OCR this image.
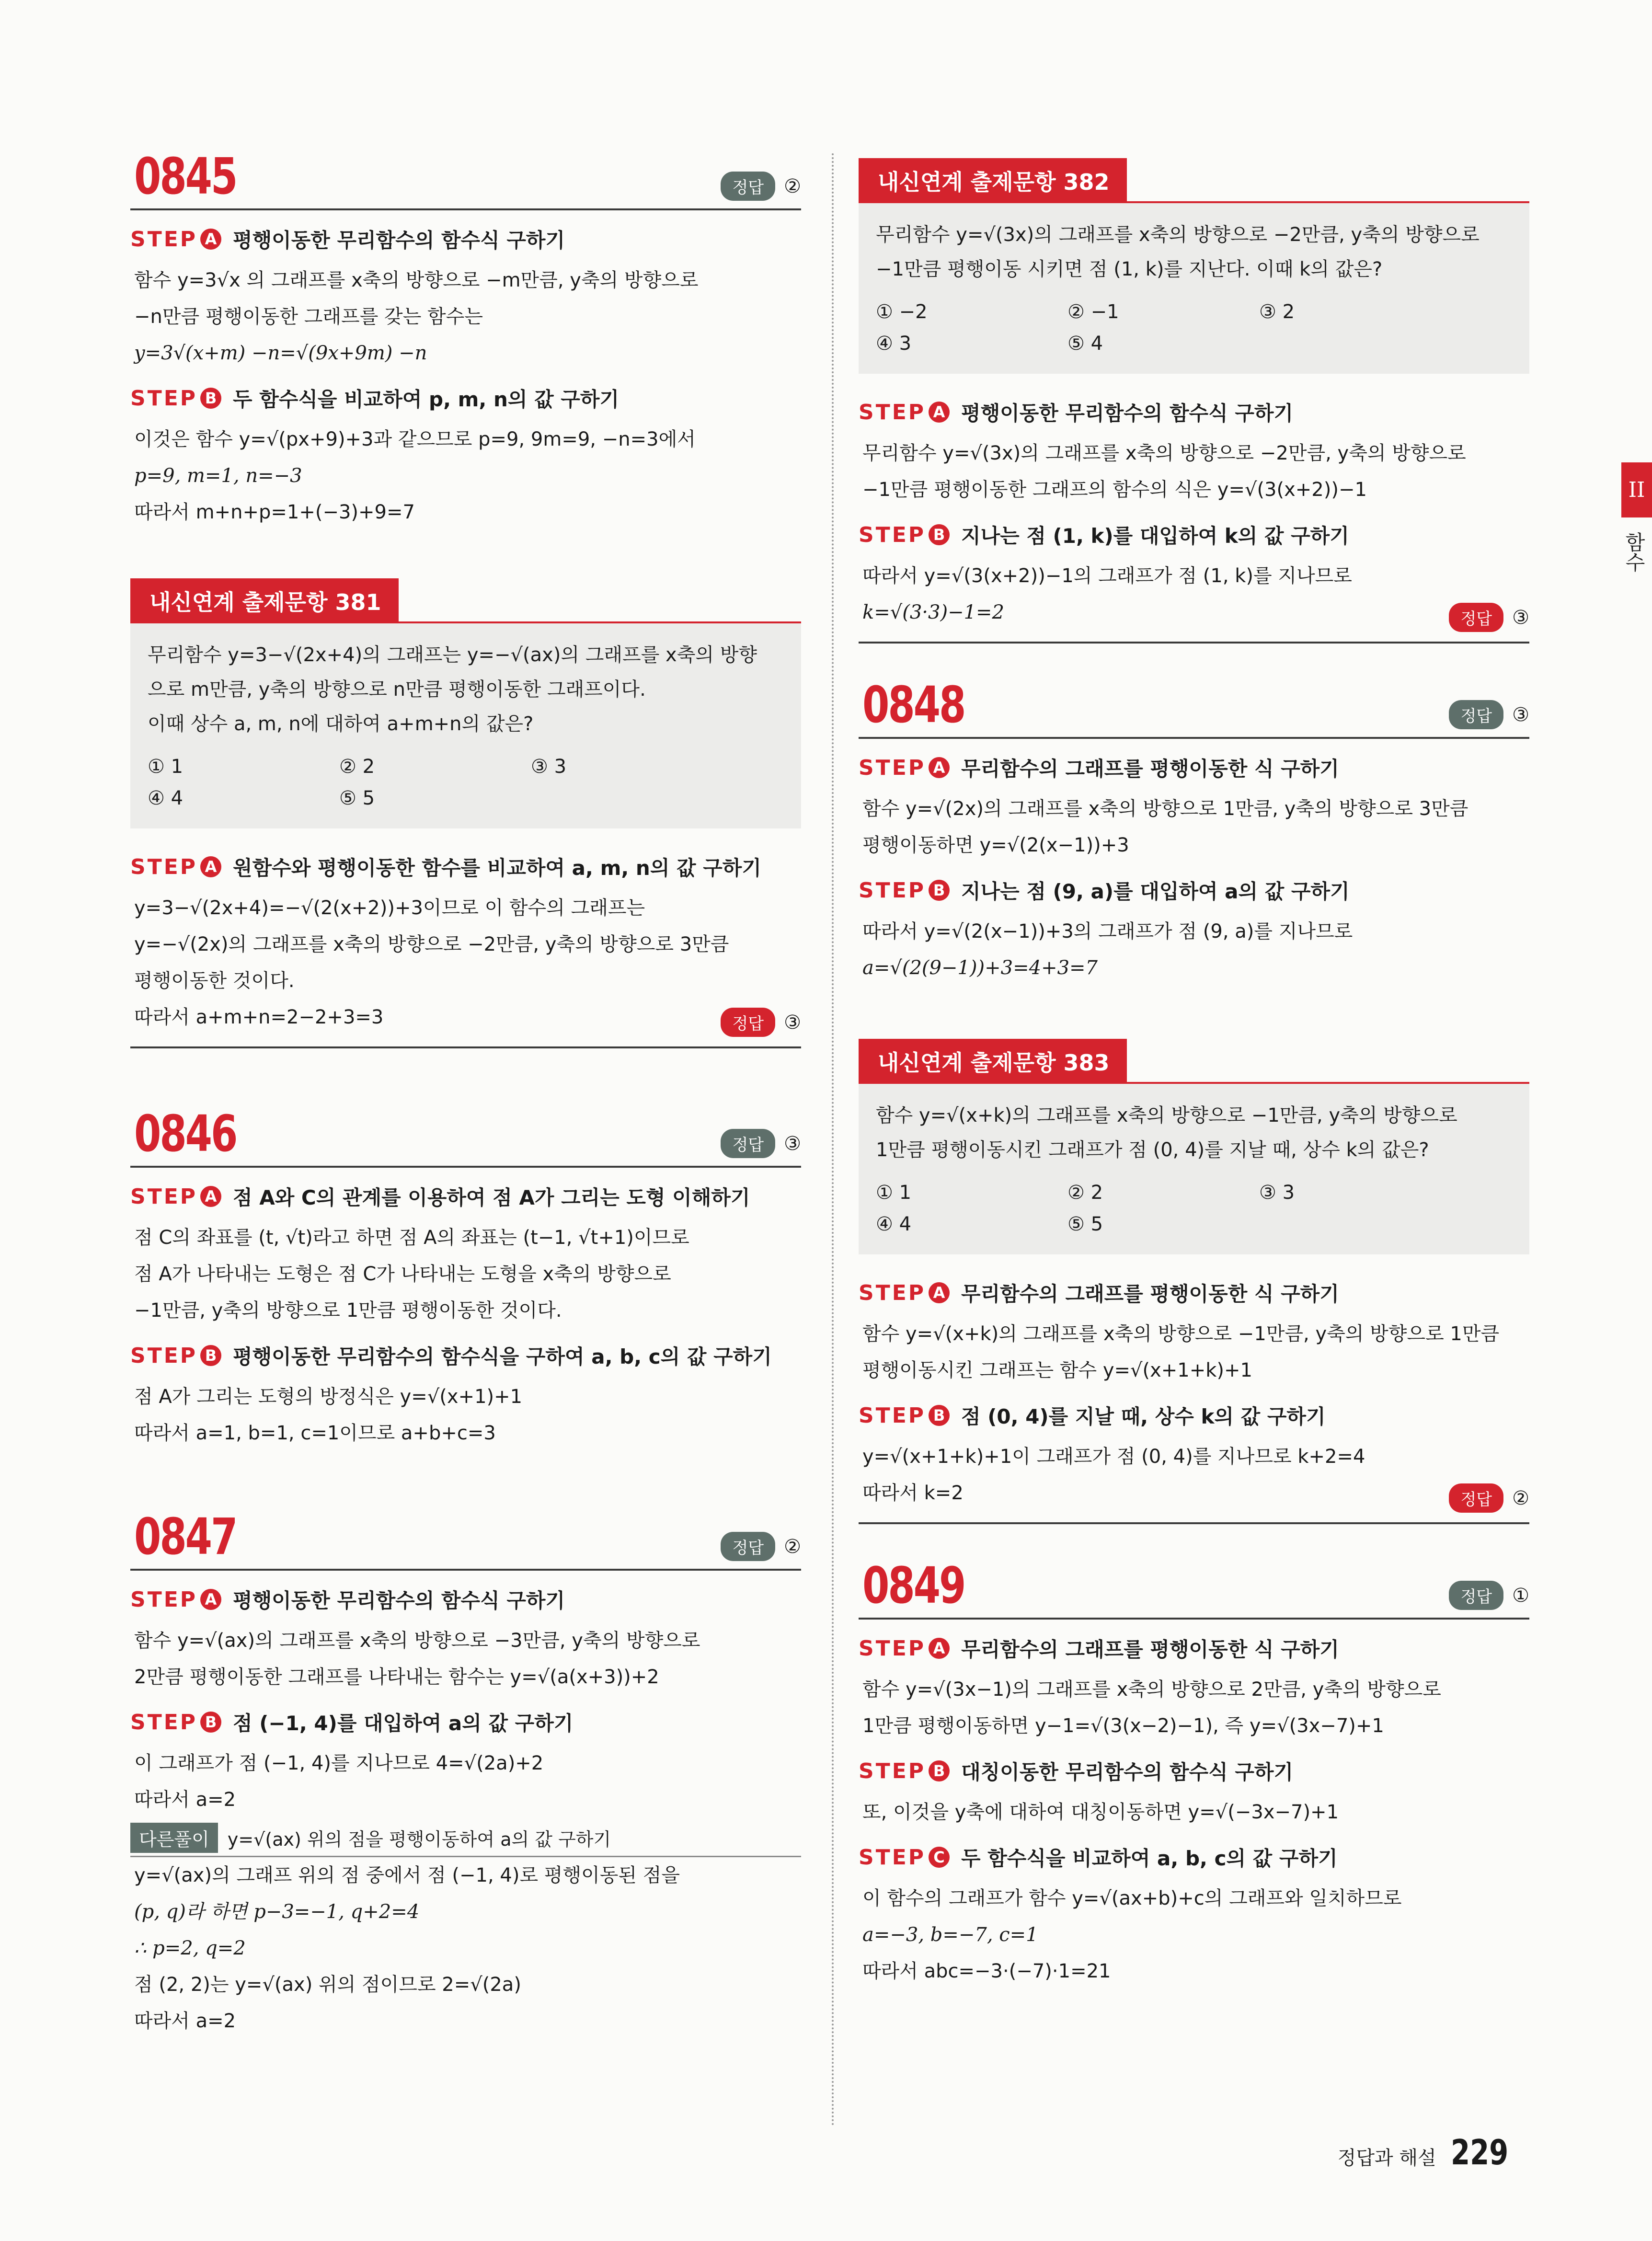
II
함수
0845	정답	②
STEP A 평행이동한 무리함수의 함수식 구하기
함수 y=3√x 의 그래프를 x축의 방향으로 −m만큼, y축의 방향으로
−n만큼 평행이동한 그래프를 갖는 함수는
y=3√(x+m) −n=√(9x+9m) −n
STEP B 두 함수식을 비교하여 p, m, n의 값 구하기
이것은 함수 y=√(px+9)+3과 같으므로 p=9, 9m=9, −n=3에서
p=9, m=1, n=−3
따라서 m+n+p=1+(−3)+9=7
내신연계 출제문항 381
무리함수 y=3−√(2x+4)의 그래프는 y=−√(ax)의 그래프를 x축의 방향
으로 m만큼, y축의 방향으로 n만큼 평행이동한 그래프이다.
이때 상수 a, m, n에 대하여 a+m+n의 값은?
① 1	② 2	③ 3
④ 4	⑤ 5
STEP A 원함수와 평행이동한 함수를 비교하여 a, m, n의 값 구하기
y=3−√(2x+4)=−√(2(x+2))+3이므로 이 함수의 그래프는
y=−√(2x)의 그래프를 x축의 방향으로 −2만큼, y축의 방향으로 3만큼
평행이동한 것이다.
따라서 a+m+n=2−2+3=3	정답	③
0846	정답	③
STEP A 점 A와 C의 관계를 이용하여 점 A가 그리는 도형 이해하기
점 C의 좌표를 (t, √t)라고 하면 점 A의 좌표는 (t−1, √t+1)이므로
점 A가 나타내는 도형은 점 C가 나타내는 도형을 x축의 방향으로
−1만큼, y축의 방향으로 1만큼 평행이동한 것이다.
STEP B 평행이동한 무리함수의 함수식을 구하여 a, b, c의 값 구하기
점 A가 그리는 도형의 방정식은 y=√(x+1)+1
따라서 a=1, b=1, c=1이므로 a+b+c=3
0847	정답	②
STEP A 평행이동한 무리함수의 함수식 구하기
함수 y=√(ax)의 그래프를 x축의 방향으로 −3만큼, y축의 방향으로
2만큼 평행이동한 그래프를 나타내는 함수는 y=√(a(x+3))+2
STEP B 점 (−1, 4)를 대입하여 a의 값 구하기
이 그래프가 점 (−1, 4)를 지나므로 4=√(2a)+2
따라서 a=2
다른풀이	y=√(ax) 위의 점을 평행이동하여 a의 값 구하기
y=√(ax)의 그래프 위의 점 중에서 점 (−1, 4)로 평행이동된 점을
(p, q)라 하면 p−3=−1, q+2=4
∴ p=2, q=2
점 (2, 2)는 y=√(ax) 위의 점이므로 2=√(2a)
따라서 a=2
내신연계 출제문항 382
무리함수 y=√(3x)의 그래프를 x축의 방향으로 −2만큼, y축의 방향으로
−1만큼 평행이동 시키면 점 (1, k)를 지난다. 이때 k의 값은?
① −2	② −1	③ 2
④ 3	⑤ 4
STEP A 평행이동한 무리함수의 함수식 구하기
무리함수 y=√(3x)의 그래프를 x축의 방향으로 −2만큼, y축의 방향으로
−1만큼 평행이동한 그래프의 함수의 식은 y=√(3(x+2))−1
STEP B 지나는 점 (1, k)를 대입하여 k의 값 구하기
따라서 y=√(3(x+2))−1의 그래프가 점 (1, k)를 지나므로
k=√(3·3)−1=2	정답	③
0848	정답	③
STEP A 무리함수의 그래프를 평행이동한 식 구하기
함수 y=√(2x)의 그래프를 x축의 방향으로 1만큼, y축의 방향으로 3만큼
평행이동하면 y=√(2(x−1))+3
STEP B 지나는 점 (9, a)를 대입하여 a의 값 구하기
따라서 y=√(2(x−1))+3의 그래프가 점 (9, a)를 지나므로
a=√(2(9−1))+3=4+3=7
내신연계 출제문항 383
함수 y=√(x+k)의 그래프를 x축의 방향으로 −1만큼, y축의 방향으로
1만큼 평행이동시킨 그래프가 점 (0, 4)를 지날 때, 상수 k의 값은?
① 1	② 2	③ 3
④ 4	⑤ 5
STEP A 무리함수의 그래프를 평행이동한 식 구하기
함수 y=√(x+k)의 그래프를 x축의 방향으로 −1만큼, y축의 방향으로 1만큼
평행이동시킨 그래프는 함수 y=√(x+1+k)+1
STEP B 점 (0, 4)를 지날 때, 상수 k의 값 구하기
y=√(x+1+k)+1이 그래프가 점 (0, 4)를 지나므로 k+2=4
따라서 k=2	정답	②
0849	정답	①
STEP A 무리함수의 그래프를 평행이동한 식 구하기
함수 y=√(3x−1)의 그래프를 x축의 방향으로 2만큼, y축의 방향으로
1만큼 평행이동하면 y−1=√(3(x−2)−1), 즉 y=√(3x−7)+1
STEP B 대칭이동한 무리함수의 함수식 구하기
또, 이것을 y축에 대하여 대칭이동하면 y=√(−3x−7)+1
STEP C 두 함수식을 비교하여 a, b, c의 값 구하기
이 함수의 그래프가 함수 y=√(ax+b)+c의 그래프와 일치하므로
a=−3, b=−7, c=1
따라서 abc=−3·(−7)·1=21
정답과 해설 229
